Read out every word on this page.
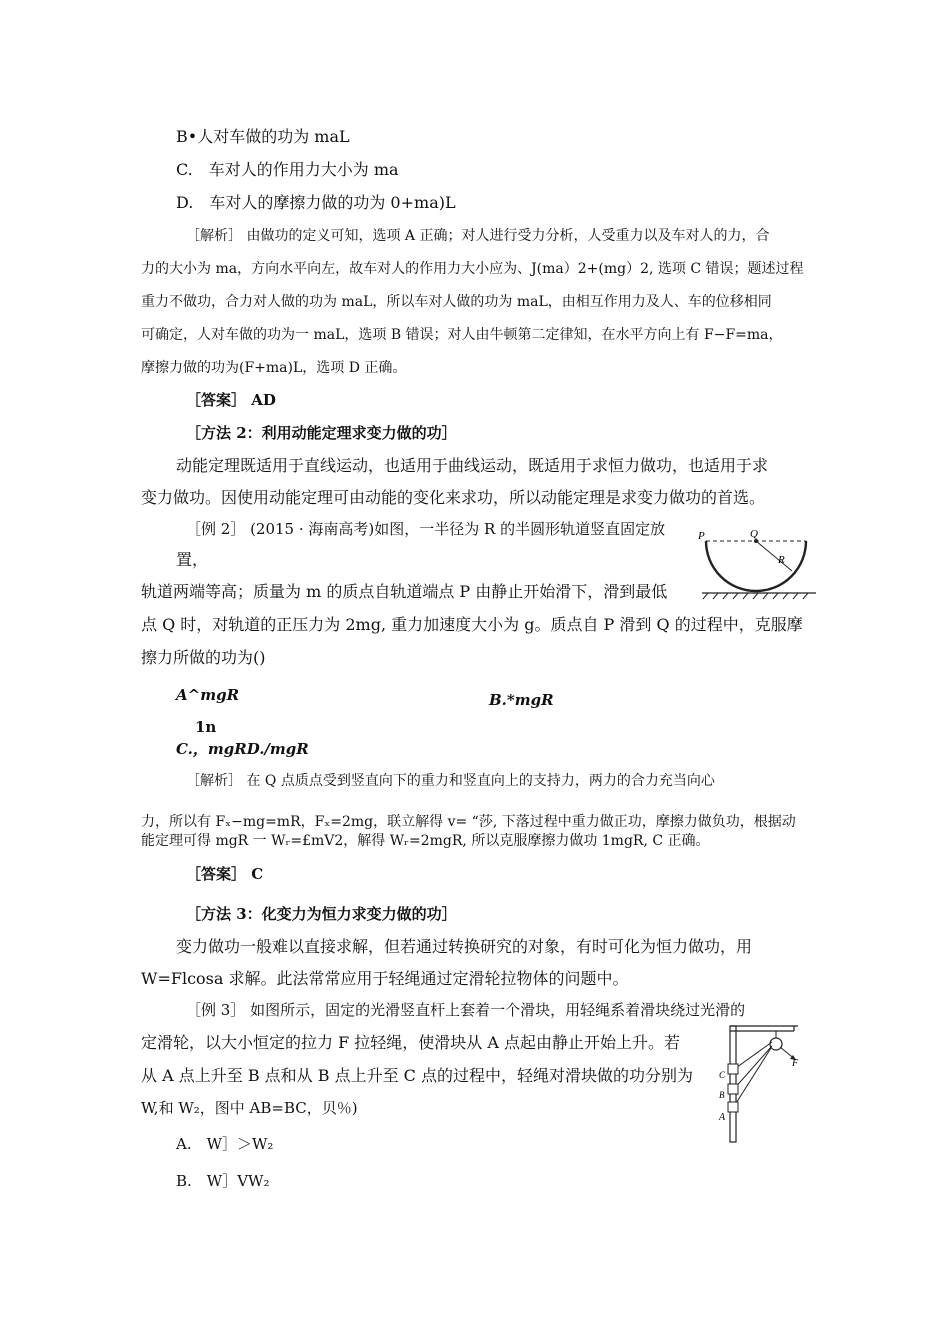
B•人对车做的功为 maL
C.　车对人的作用力大小为 ma
D.　车对人的摩擦力做的功为 0+ma)L
［解析］ 由做功的定义可知，选项 A 正确；对人进行受力分析，人受重力以及车对人的力，合
力的大小为 ma，方向水平向左，故车对人的作用力大小应为、J(ma）2+(mg）2, 选项 C 错误；题述过程
重力不做功，合力对人做的功为 maL，所以车对人做的功为 maL，由相互作用力及人、车的位移相同
可确定，人对车做的功为一 maL，选项 B 错误；对人由牛顿第二定律知，在水平方向上有 F−F=ma，
摩擦力做的功为(F+ma)L，选项 D 正确。
［答案］ AD
［方法 2：利用动能定理求变力做的功］
动能定理既适用于直线运动，也适用于曲线运动，既适用于求恒力做功，也适用于求
变力做功。因使用动能定理可由动能的变化来求功，所以动能定理是求变力做功的首选。
［例 2］ (2015 · 海南高考)如图，一半径为 R 的半圆形轨道竖直固定放
置，
轨道两端等高；质量为 m 的质点自轨道端点 P 由静止开始滑下，滑到最低
点 Q 时，对轨道的正压力为 2mg, 重力加速度大小为 g。质点自 P 滑到 Q 的过程中，克服摩
擦力所做的功为()
A^mgR	B.*mgR
1n
C.，mgRD./mgR
［解析］ 在 Q 点质点受到竖直向下的重力和竖直向上的支持力，两力的合力充当向心
力，所以有 Fₓ−mg=mR，Fₓ=2mg，联立解得 v= “莎, 下落过程中重力做正功，摩擦力做负功，根据动
能定理可得 mgR 一 Wᵣ=£mV2，解得 Wᵣ=2mgR, 所以克服摩擦力做功 1mgR, C 正确。
［答案］ C
［方法 3：化变力为恒力求变力做的功］
变力做功一般难以直接求解，但若通过转换研究的对象，有时可化为恒力做功，用
W=Flcosa 求解。此法常常应用于轻绳通过定滑轮拉物体的问题中。
［例 3］ 如图所示，固定的光滑竖直杆上套着一个滑块，用轻绳系着滑块绕过光滑的
定滑轮，以大小恒定的拉力 F 拉轻绳，使滑块从 A 点起由静止开始上升。若
从 A 点上升至 B 点和从 B 点上升至 C 点的过程中，轻绳对滑块做的功分别为
W,和 W₂，图中 AB=BC，贝％)
A.　W］＞W₂
B.　W］VW₂
P	Q
R
F
C
B
A
